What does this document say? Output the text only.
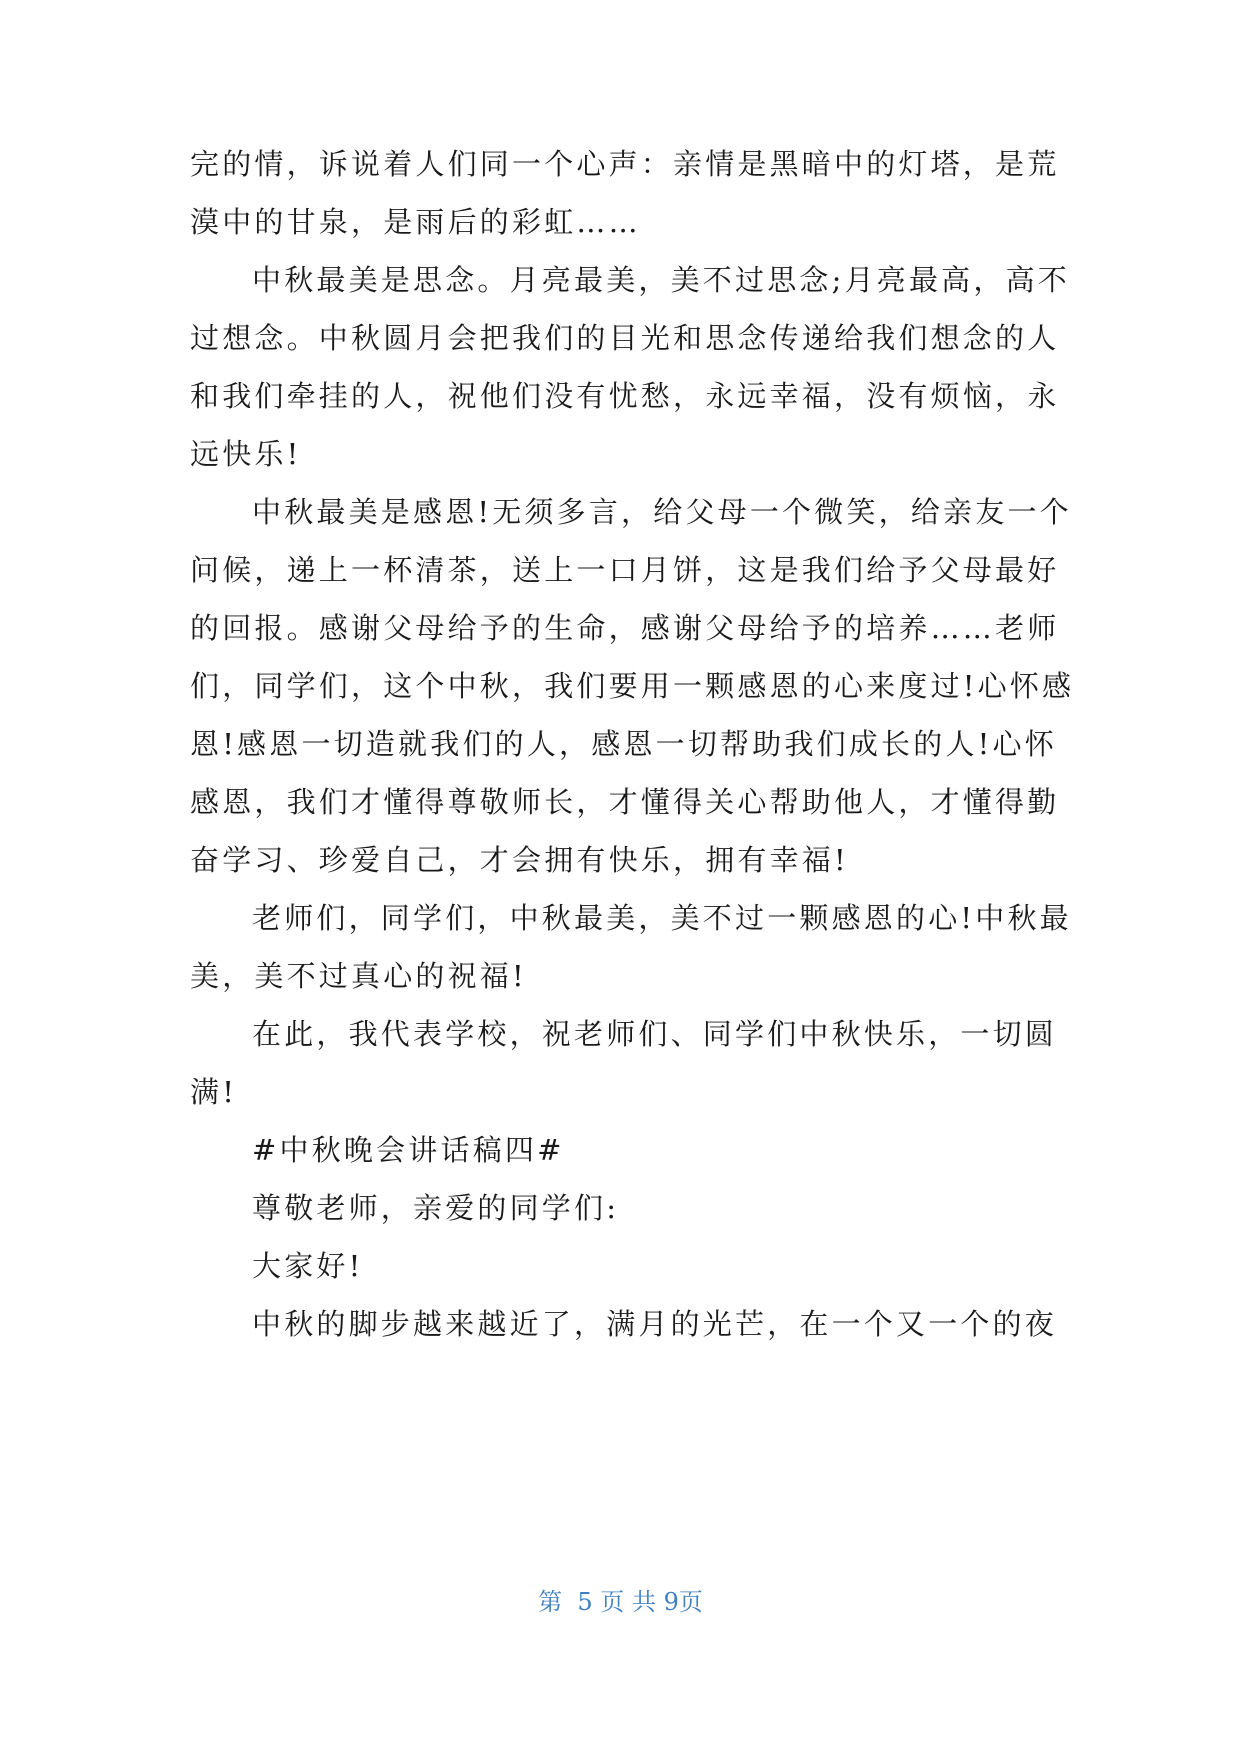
完的情，诉说着人们同一个心声：亲情是黑暗中的灯塔，是荒
漠中的甘泉，是雨后的彩虹……
中秋最美是思念。月亮最美，美不过思念;月亮最高，高不
过想念。中秋圆月会把我们的目光和思念传递给我们想念的人
和我们牵挂的人，祝他们没有忧愁，永远幸福，没有烦恼，永
远快乐!
中秋最美是感恩!无须多言，给父母一个微笑，给亲友一个
问候，递上一杯清茶，送上一口月饼，这是我们给予父母最好
的回报。感谢父母给予的生命，感谢父母给予的培养……老师
们，同学们，这个中秋，我们要用一颗感恩的心来度过!心怀感
恩!感恩一切造就我们的人，感恩一切帮助我们成长的人!心怀
感恩，我们才懂得尊敬师长，才懂得关心帮助他人，才懂得勤
奋学习、珍爱自己，才会拥有快乐，拥有幸福!
老师们，同学们，中秋最美，美不过一颗感恩的心!中秋最
美，美不过真心的祝福!
在此，我代表学校，祝老师们、同学们中秋快乐，一切圆
满!
#中秋晚会讲话稿四#
尊敬老师，亲爱的同学们:
大家好!
中秋的脚步越来越近了，满月的光芒，在一个又一个的夜
第  5 页 共 9页
